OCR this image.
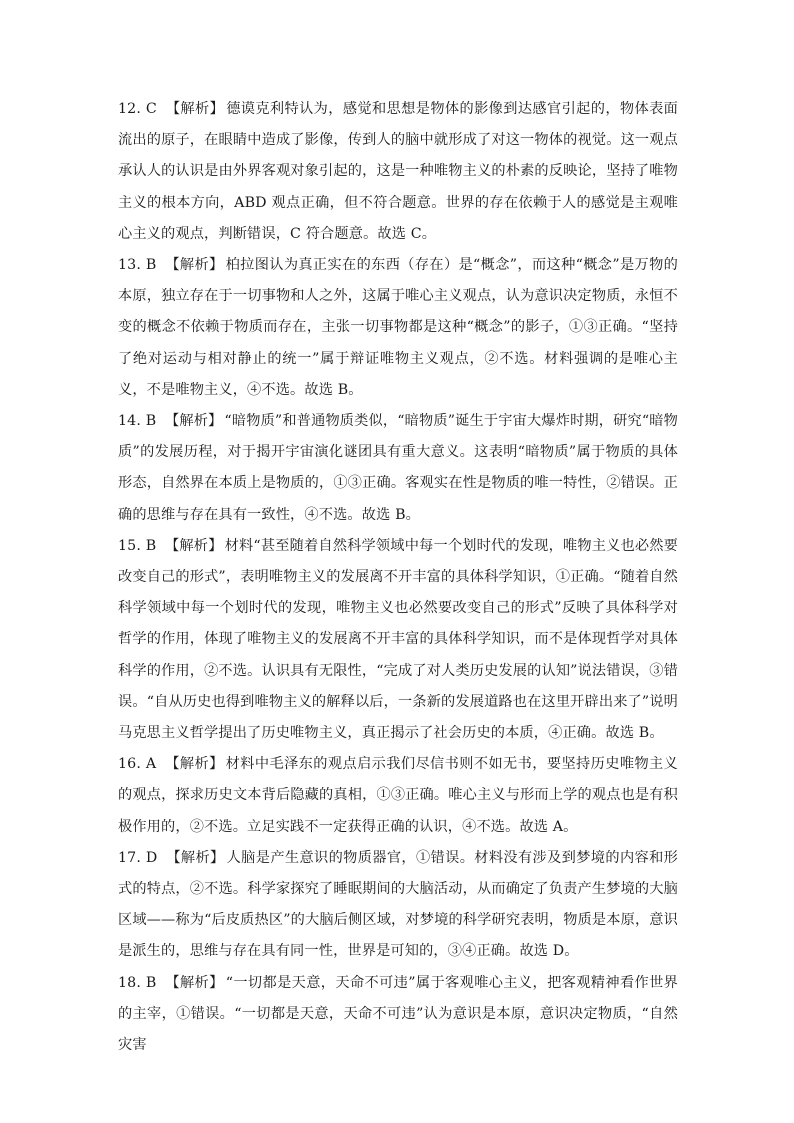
12. C 【解析】 德谟克利特认为，感觉和思想是物体的影像到达感官引起的，物体表面流出的原子，在眼睛中造成了影像，传到人的脑中就形成了对这一物体的视觉。这一观点承认人的认识是由外界客观对象引起的，这是一种唯物主义的朴素的反映论，坚持了唯物主义的根本方向，ABD 观点正确，但不符合题意。世界的存在依赖于人的感觉是主观唯心主义的观点，判断错误，C 符合题意。故选 C。

13. B 【解析】 柏拉图认为真正实在的东西（存在）是“概念”，而这种“概念”是万物的本原，独立存在于一切事物和人之外，这属于唯心主义观点，认为意识决定物质，永恒不变的概念不依赖于物质而存在，主张一切事物都是这种“概念”的影子，①③正确。“坚持了绝对运动与相对静止的统一”属于辩证唯物主义观点，②不选。材料强调的是唯心主义，不是唯物主义，④不选。故选 B。

14. B 【解析】 “暗物质”和普通物质类似，“暗物质”诞生于宇宙大爆炸时期，研究“暗物质”的发展历程，对于揭开宇宙演化谜团具有重大意义。这表明“暗物质”属于物质的具体形态，自然界在本质上是物质的，①③正确。客观实在性是物质的唯一特性，②错误。正确的思维与存在具有一致性，④不选。故选 B。

15. B 【解析】 材料“甚至随着自然科学领域中每一个划时代的发现，唯物主义也必然要改变自己的形式”，表明唯物主义的发展离不开丰富的具体科学知识，①正确。“随着自然科学领域中每一个划时代的发现，唯物主义也必然要改变自己的形式”反映了具体科学对哲学的作用，体现了唯物主义的发展离不开丰富的具体科学知识，而不是体现哲学对具体科学的作用，②不选。认识具有无限性，“完成了对人类历史发展的认知”说法错误，③错误。“自从历史也得到唯物主义的解释以后，一条新的发展道路也在这里开辟出来了”说明马克思主义哲学提出了历史唯物主义，真正揭示了社会历史的本质，④正确。故选 B。

16. A 【解析】 材料中毛泽东的观点启示我们尽信书则不如无书，要坚持历史唯物主义的观点，探求历史文本背后隐藏的真相，①③正确。唯心主义与形而上学的观点也是有积极作用的，②不选。立足实践不一定获得正确的认识，④不选。故选 A。

17. D 【解析】 人脑是产生意识的物质器官，①错误。材料没有涉及到梦境的内容和形式的特点，②不选。科学家探究了睡眠期间的大脑活动，从而确定了负责产生梦境的大脑区域——称为“后皮质热区”的大脑后侧区域，对梦境的科学研究表明，物质是本原，意识是派生的，思维与存在具有同一性，世界是可知的，③④正确。故选 D。

18. B 【解析】 “一切都是天意，天命不可违”属于客观唯心主义，把客观精神看作世界的主宰，①错误。“一切都是天意，天命不可违”认为意识是本原，意识决定物质，“自然灾害
